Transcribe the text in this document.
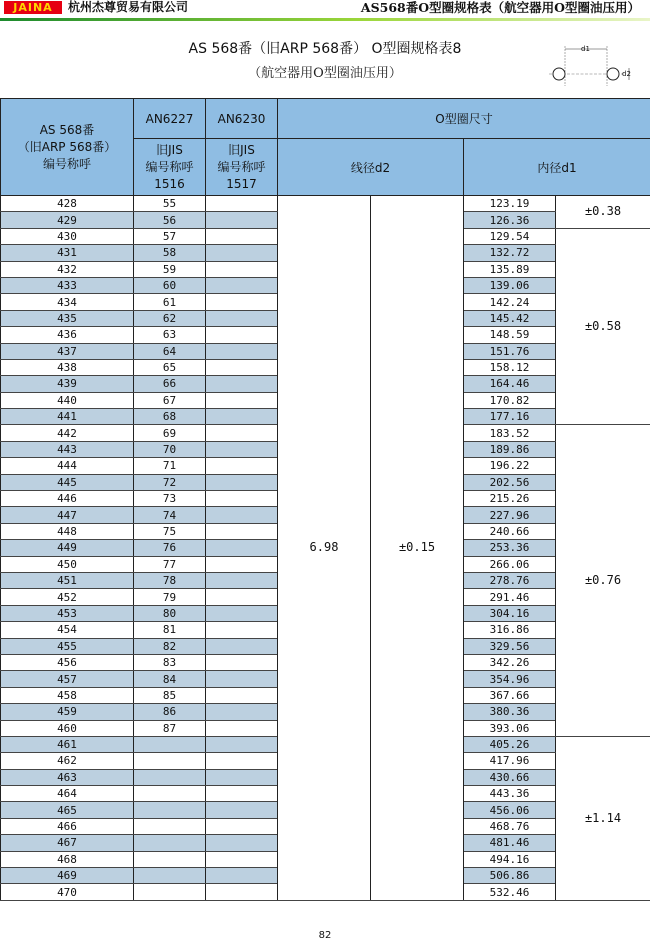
JAINA	杭州杰尊贸易有限公司	AS568番O型圈规格表（航空器用O型圈油压用）
AS 568番（旧ARP 568番） O型圈规格表8
（航空器用O型圈油压用）
d1
d2
AS 568番
（旧ARP 568番）
编号称呼	AN6227	AN6230	O型圈尺寸			
	旧JIS
编号称呼
1516	旧JIS
编号称呼
1517	线径d2		内径d1	
428	55		6.98	±0.15	123.19	±0.38
429	56				126.36	
430	57				129.54	±0.58
431	58				132.72	
432	59				135.89	
433	60				139.06	
434	61				142.24	
435	62				145.42	
436	63				148.59	
437	64				151.76	
438	65				158.12	
439	66				164.46	
440	67				170.82	
441	68				177.16	
442	69				183.52	±0.76
443	70				189.86	
444	71				196.22	
445	72				202.56	
446	73				215.26	
447	74				227.96	
448	75				240.66	
449	76				253.36	
450	77				266.06	
451	78				278.76	
452	79				291.46	
453	80				304.16	
454	81				316.86	
455	82				329.56	
456	83				342.26	
457	84				354.96	
458	85				367.66	
459	86				380.36	
460	87				393.06	
461					405.26	±1.14
462					417.96	
463					430.66	
464					443.36	
465					456.06	
466					468.76	
467					481.46	
468					494.16	
469					506.86	
470					532.46	
82
